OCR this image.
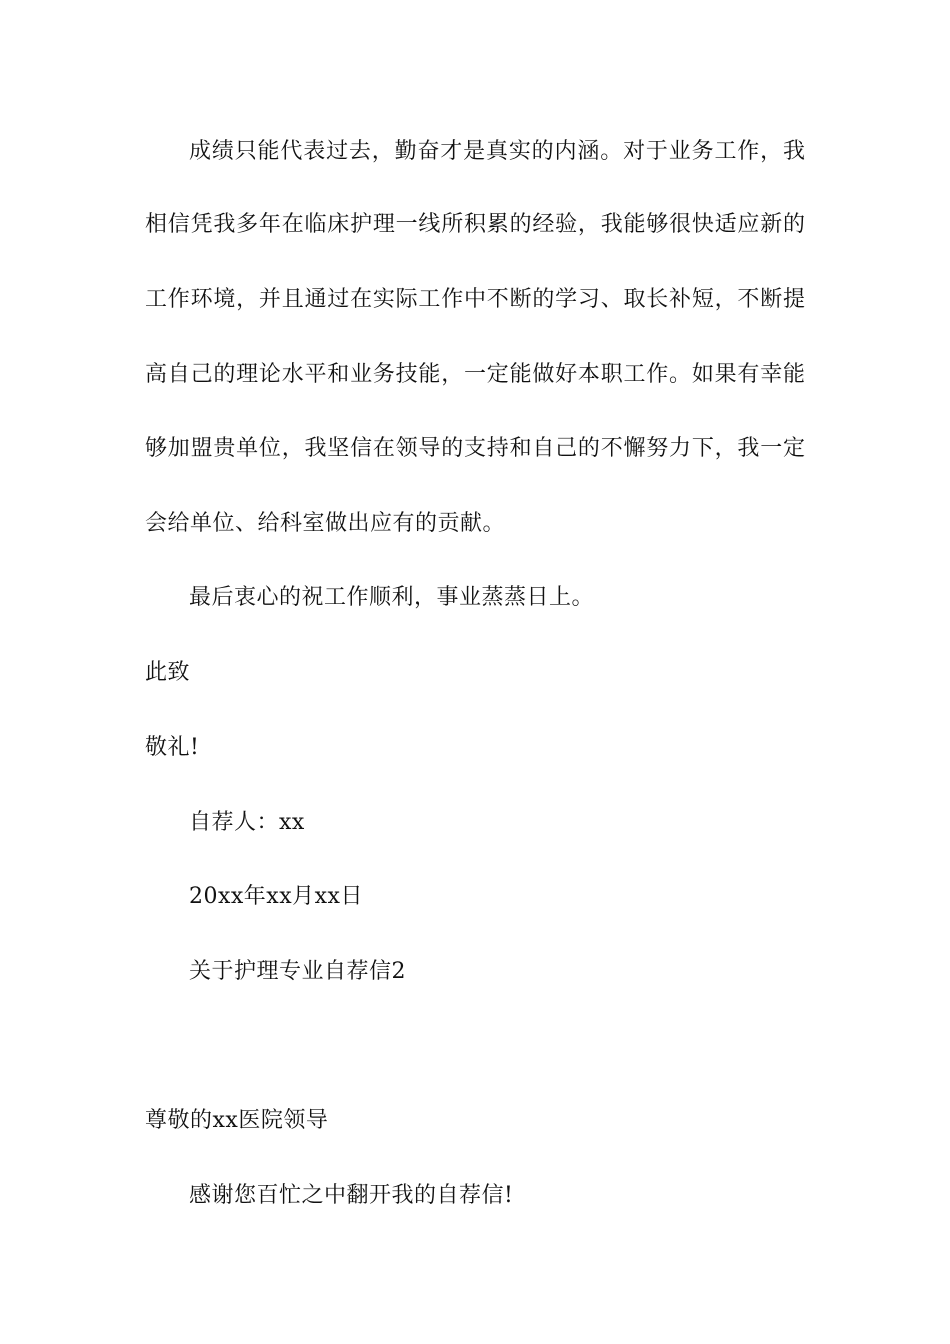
成绩只能代表过去，勤奋才是真实的内涵。对于业务工作，我
相信凭我多年在临床护理一线所积累的经验，我能够很快适应新的
工作环境，并且通过在实际工作中不断的学习、取长补短，不断提
高自己的理论水平和业务技能，一定能做好本职工作。如果有幸能
够加盟贵单位，我坚信在领导的支持和自己的不懈努力下，我一定
会给单位、给科室做出应有的贡献。
最后衷心的祝工作顺利，事业蒸蒸日上。
此致
敬礼!
自荐人：xx
20xx年xx月xx日
关于护理专业自荐信2
尊敬的xx医院领导
感谢您百忙之中翻开我的自荐信!
